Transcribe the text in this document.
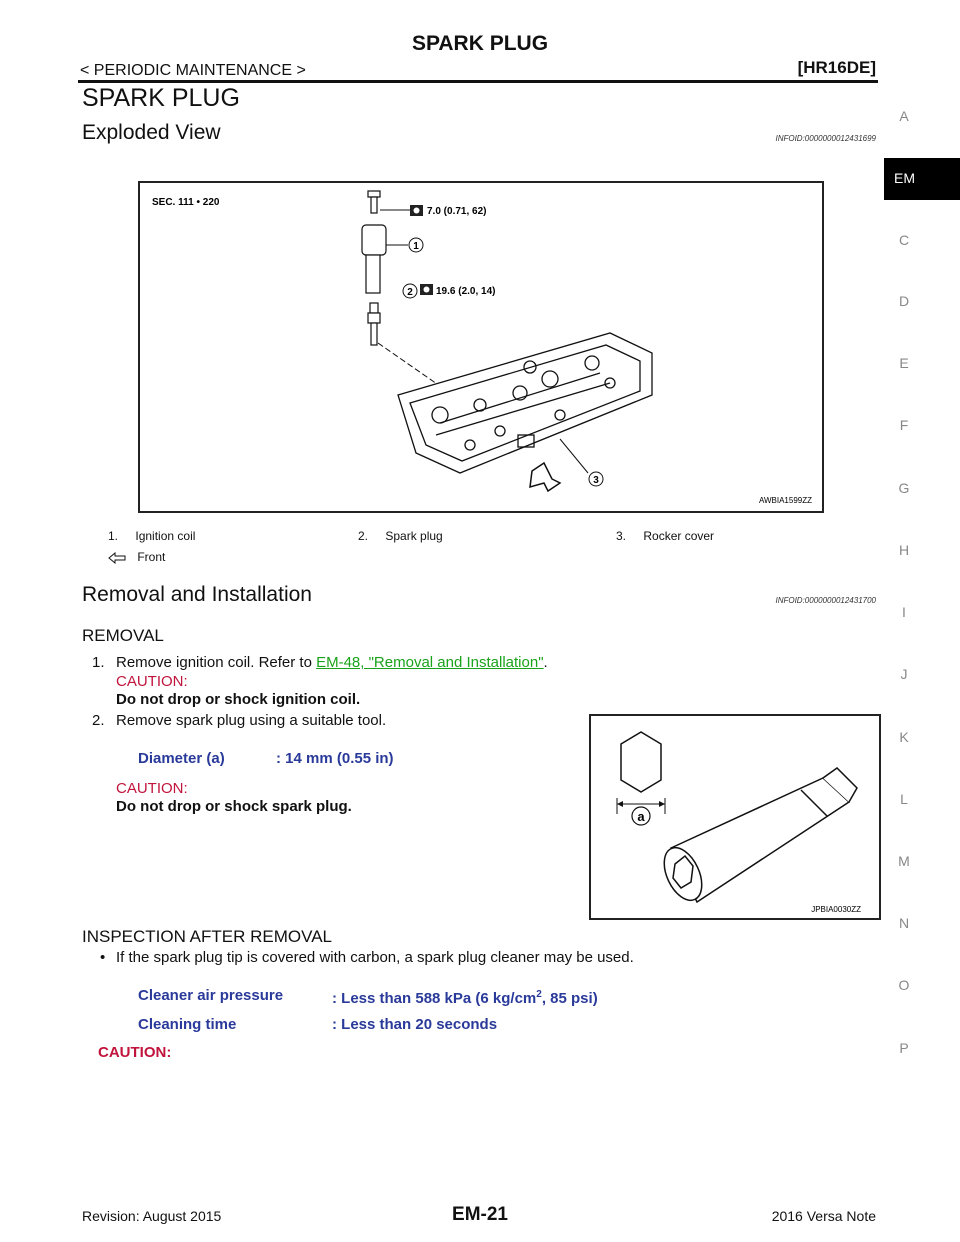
SPARK PLUG
< PERIODIC MAINTENANCE >	[HR16DE]
SPARK PLUG
Exploded View	INFOID:0000000012431699
SEC. 111 • 220
7.0 (0.71, 62)
1
2 19.6 (2.0, 14)
3
AWBIA1599ZZ
1. Ignition coil	2. Spark plug	3. Rocker cover
Front
Removal and Installation	INFOID:0000000012431700
REMOVAL
1. Remove ignition coil. Refer to EM-48, "Removal and Installation".
CAUTION:
Do not drop or shock ignition coil.
2. Remove spark plug using a suitable tool.
Diameter (a)	: 14 mm (0.55 in)
CAUTION:
Do not drop or shock spark plug.
a
JPBIA0030ZZ
INSPECTION AFTER REMOVAL
• If the spark plug tip is covered with carbon, a spark plug cleaner may be used.
Cleaner air pressure	: Less than 588 kPa (6 $kg/cm^2$, 85 psi)
Cleaning time	: Less than 20 seconds
CAUTION:
EM
A
C
D
E
F
G
H
I
J
K
L
M
N
O
P
Revision: August 2015	EM-21	2016 Versa Note
